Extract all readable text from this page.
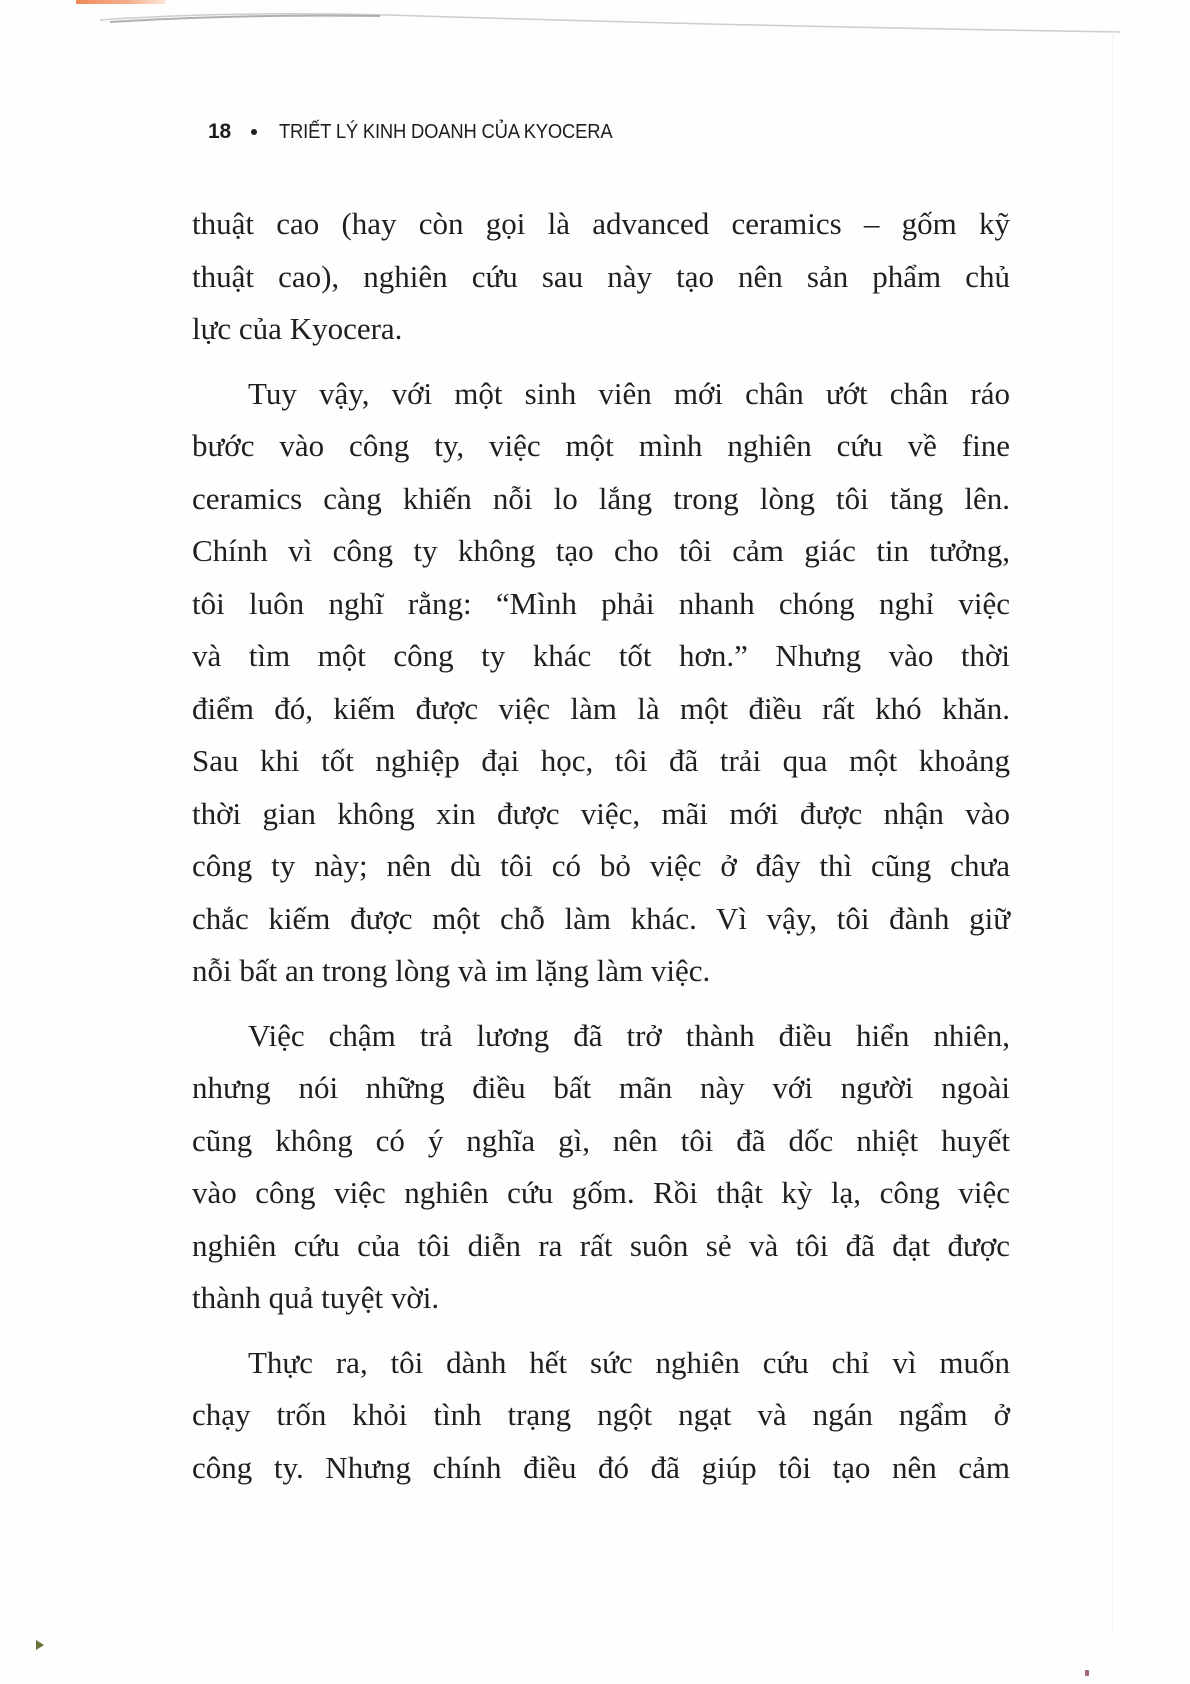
18 TRIẾT LÝ KINH DOANH CỦA KYOCERA
thuật cao (hay còn gọi là advanced ceramics – gốm kỹ
thuật cao), nghiên cứu sau này tạo nên sản phẩm chủ
lực của Kyocera.
Tuy vậy, với một sinh viên mới chân ướt chân ráo
bước vào công ty, việc một mình nghiên cứu về fine
ceramics càng khiến nỗi lo lắng trong lòng tôi tăng lên.
Chính vì công ty không tạo cho tôi cảm giác tin tưởng,
tôi luôn nghĩ rằng: “Mình phải nhanh chóng nghỉ việc
và tìm một công ty khác tốt hơn.” Nhưng vào thời
điểm đó, kiếm được việc làm là một điều rất khó khăn.
Sau khi tốt nghiệp đại học, tôi đã trải qua một khoảng
thời gian không xin được việc, mãi mới được nhận vào
công ty này; nên dù tôi có bỏ việc ở đây thì cũng chưa
chắc kiếm được một chỗ làm khác. Vì vậy, tôi đành giữ
nỗi bất an trong lòng và im lặng làm việc.
Việc chậm trả lương đã trở thành điều hiển nhiên,
nhưng nói những điều bất mãn này với người ngoài
cũng không có ý nghĩa gì, nên tôi đã dốc nhiệt huyết
vào công việc nghiên cứu gốm. Rồi thật kỳ lạ, công việc
nghiên cứu của tôi diễn ra rất suôn sẻ và tôi đã đạt được
thành quả tuyệt vời.
Thực ra, tôi dành hết sức nghiên cứu chỉ vì muốn
chạy trốn khỏi tình trạng ngột ngạt và ngán ngẩm ở
công ty. Nhưng chính điều đó đã giúp tôi tạo nên cảm
